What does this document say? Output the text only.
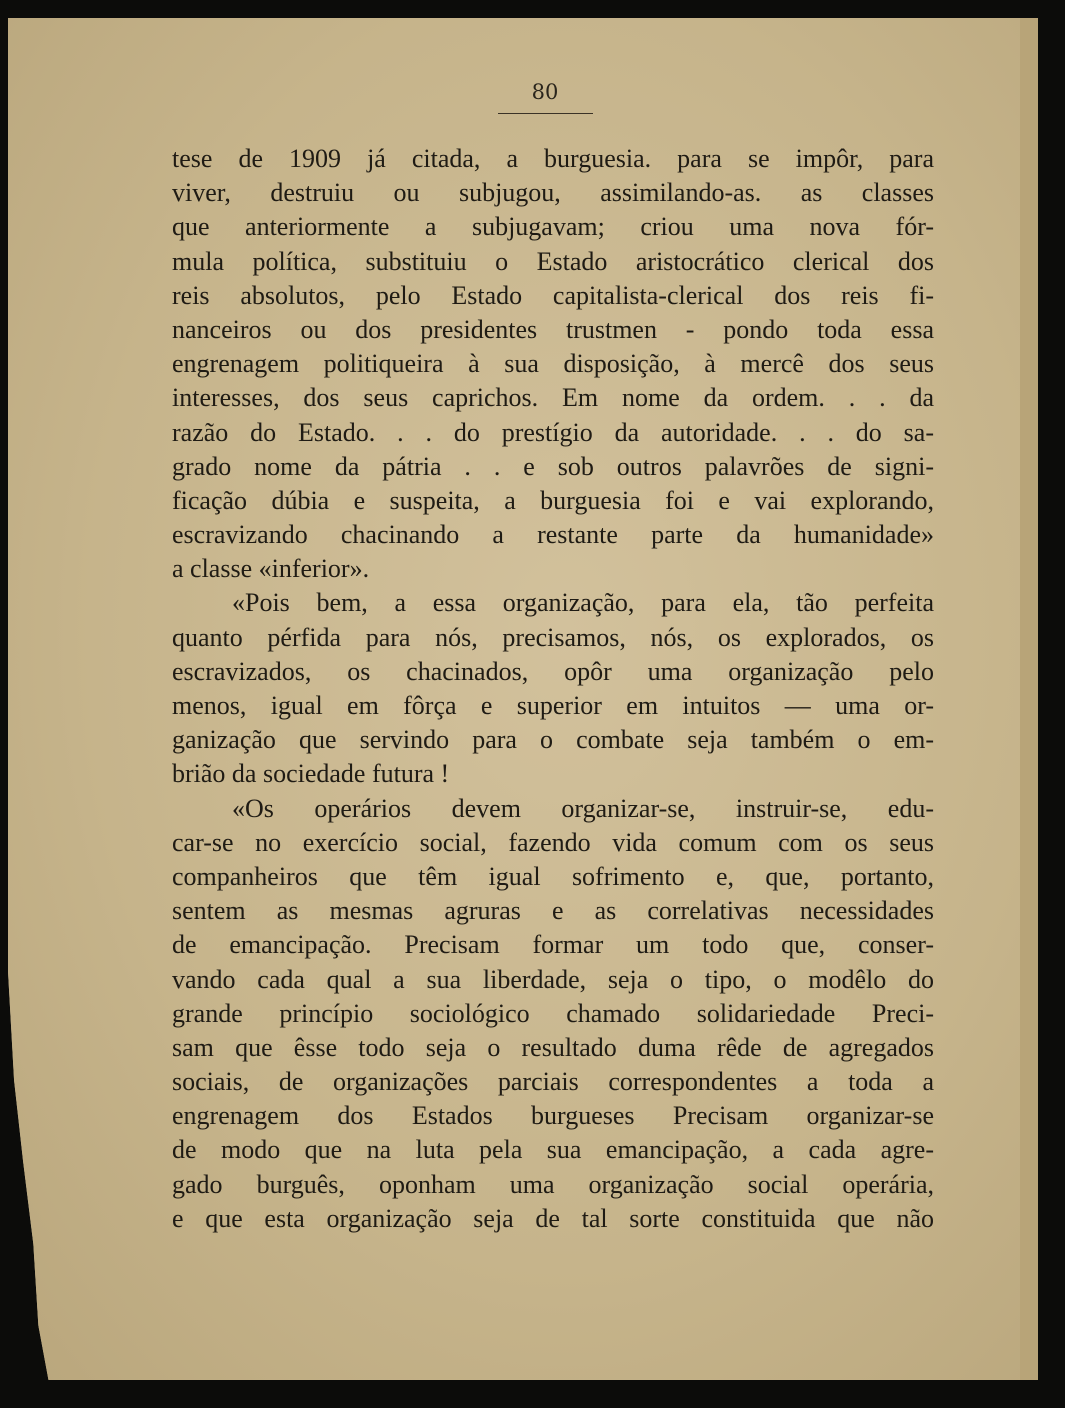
80
tese de 1909 já citada, a burguesia. para se impôr, para
viver, destruiu ou subjugou, assimilando-as. as classes
que anteriormente a subjugavam; criou uma nova fór-
mula política, substituiu o Estado aristocrático clerical dos
reis absolutos, pelo Estado capitalista-clerical dos reis fi-
nanceiros ou dos presidentes trustmen - pondo toda essa
engrenagem politiqueira à sua disposição, à mercê dos seus
interesses, dos seus caprichos. Em nome da ordem. . . da
razão do Estado. . . do prestígio da autoridade. . . do sa-
grado nome da pátria . . e sob outros palavrões de signi-
ficação dúbia e suspeita, a burguesia foi e vai explorando,
escravizando chacinando a restante parte da humanidade»
a classe «inferior».
«Pois bem, a essa organização, para ela, tão perfeita
quanto pérfida para nós, precisamos, nós, os explorados, os
escravizados, os chacinados, opôr uma organização pelo
menos, igual em fôrça e superior em intuitos — uma or-
ganização que servindo para o combate seja também o em-
brião da sociedade futura !
«Os operários devem organizar-se, instruir-se, edu-
car-se no exercício social, fazendo vida comum com os seus
companheiros que têm igual sofrimento e, que, portanto,
sentem as mesmas agruras e as correlativas necessidades
de emancipação. Precisam formar um todo que, conser-
vando cada qual a sua liberdade, seja o tipo, o modêlo do
grande princípio sociológico chamado solidariedade Preci-
sam que êsse todo seja o resultado duma rêde de agregados
sociais, de organizações parciais correspondentes a toda a
engrenagem dos Estados burgueses Precisam organizar-se
de modo que na luta pela sua emancipação, a cada agre-
gado burguês, oponham uma organização social operária,
e que esta organização seja de tal sorte constituida que não
